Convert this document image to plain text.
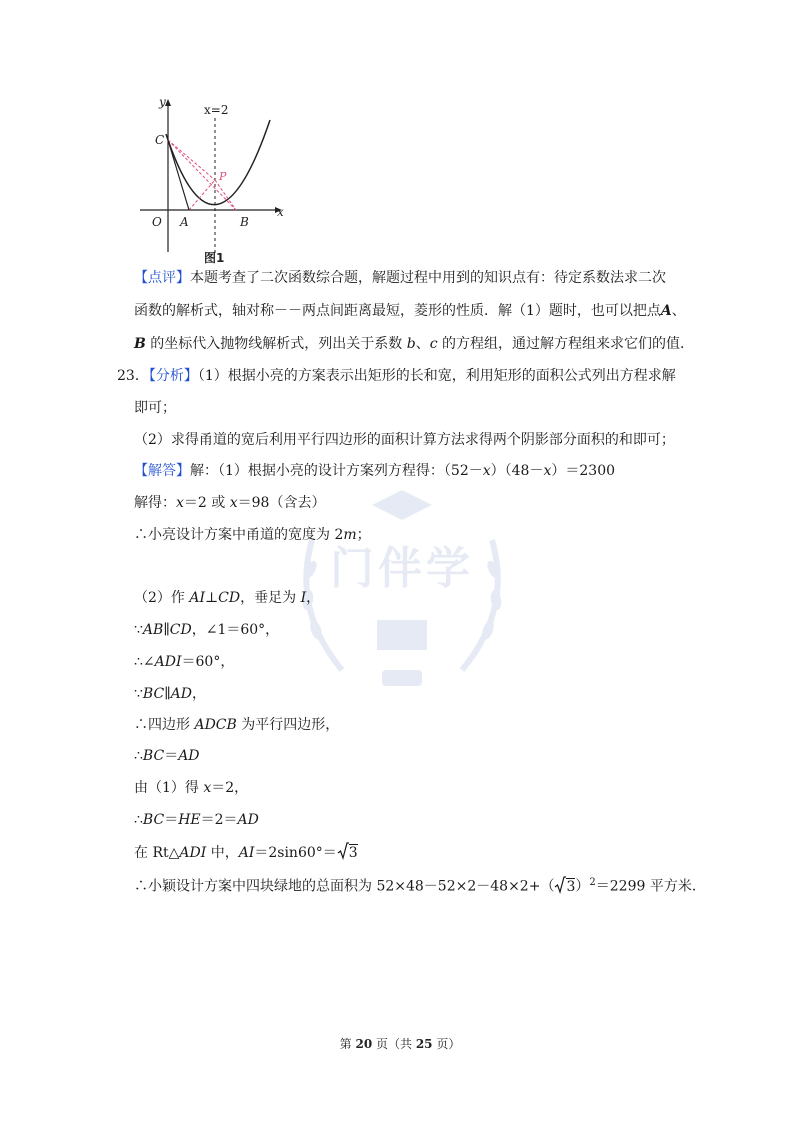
门伴学
y
x
x=2
C
P
O A	B
图1
【点评】本题考查了二次函数综合题，解题过程中用到的知识点有：待定系数法求二次
函数的解析式，轴对称－－两点间距离最短，菱形的性质．解（1）题时，也可以把点A、
B 的坐标代入抛物线解析式，列出关于系数 b、c 的方程组，通过解方程组来求它们的值．
23．【分析】（1）根据小亮的方案表示出矩形的长和宽，利用矩形的面积公式列出方程求解
即可；
（2）求得甬道的宽后利用平行四边形的面积计算方法求得两个阴影部分面积的和即可；
【解答】解：（1）根据小亮的设计方案列方程得：（52－x）（48－x）＝2300
解得：x＝2 或 x＝98（含去）
∴小亮设计方案中甬道的宽度为 2m；
（2）作 AI⊥CD，垂足为 I，
∵AB∥CD，∠1＝60°，
∴∠ADI＝60°，
∵BC∥AD，
∴四边形 ADCB 为平行四边形，
∴BC＝AD
由（1）得 x＝2，
∴BC＝HE＝2＝AD
在 Rt△ADI 中，AI＝2sin60°＝ 3
∴小颖设计方案中四块绿地的总面积为 52×48－52×2－48×2+（ 3）$^2$＝2299 平方米．
第 20 页（共 25 页）
